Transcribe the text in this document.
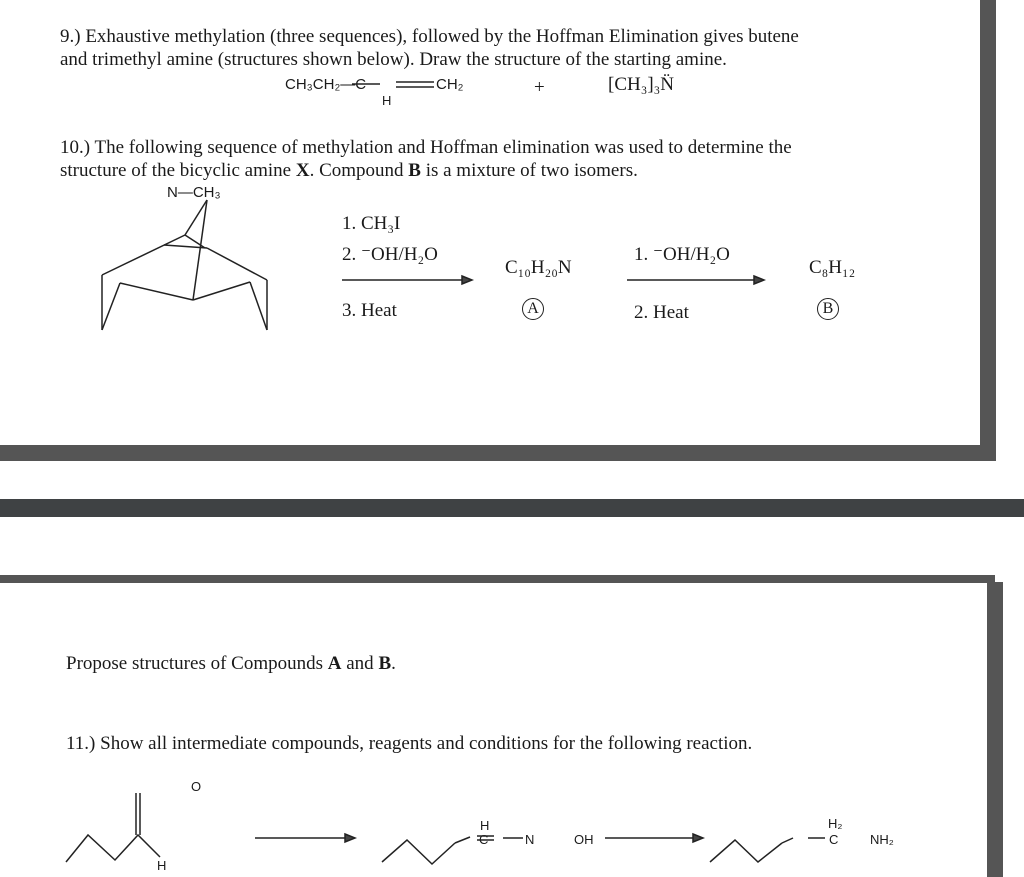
9.) Exhaustive methylation (three sequences), followed by the Hoffman Elimination gives butene
and trimethyl amine (structures shown below). Draw the structure of the starting amine.
CH₃CH₂—C	CH₂
H
+	[CH₃]₃N̈
10.) The following sequence of methylation and Hoffman elimination was used to determine the
structure of the bicyclic amine X. Compound B is a mixture of two isomers.
N—CH₃
1. CH₃I
2. ⁻OH/H₂O
3. Heat
C₁₀H₂₀N
A
1. ⁻OH/H₂O
2. Heat
C₈H₁₂
B
Propose structures of Compounds A and B.
11.) Show all intermediate compounds, reagents and conditions for the following reaction.
O
H
H
C	N	OH
H₂
C NH₂
